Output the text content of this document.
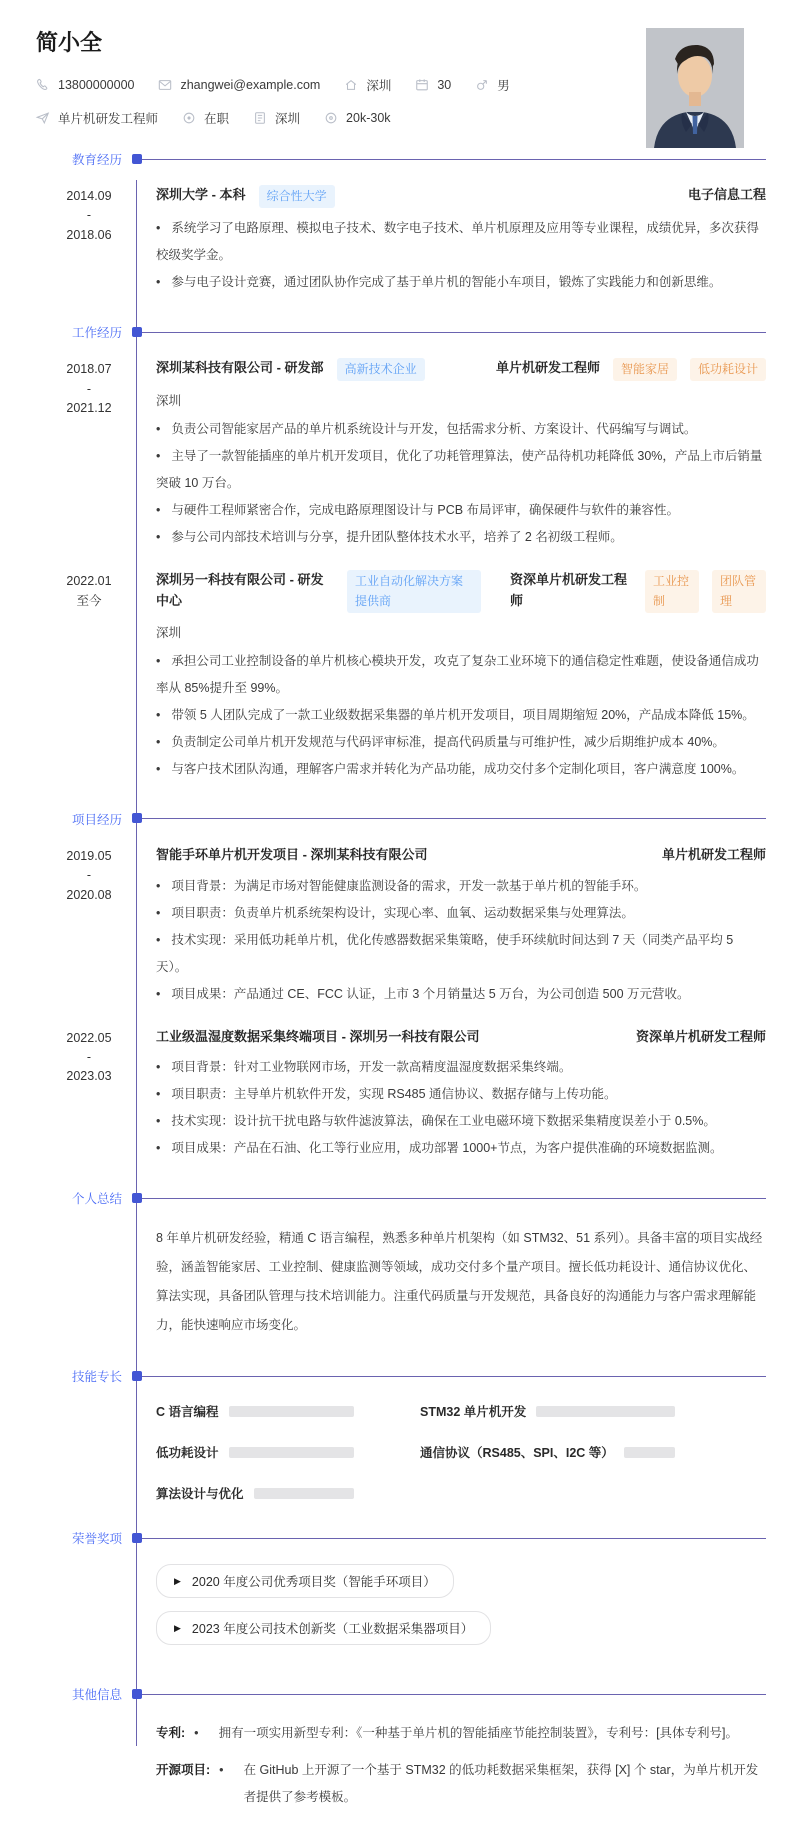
简小全
13800000000	zhangwei@example.com	深圳	30	男
单片机研发工程师	在职	深圳	20k-30k
教育经历
2014.09
-
2018.06
深圳大学 - 本科	综合性大学	电子信息工程

• 系统学习了电路原理、模拟电子技术、数字电子技术、单片机原理及应用等专业课程，成绩优异，多次获得校级奖学金。

• 参与电子设计竞赛，通过团队协作完成了基于单片机的智能小车项目，锻炼了实践能力和创新思维。

工作经历
2018.07
-
2021.12
深圳某科技有限公司 - 研发部	高新技术企业	单片机研发工程师	智能家居	低功耗设计
深圳

• 负责公司智能家居产品的单片机系统设计与开发，包括需求分析、方案设计、代码编写与调试。

• 主导了一款智能插座的单片机开发项目，优化了功耗管理算法，使产品待机功耗降低 30%，产品上市后销量突破 10 万台。

• 与硬件工程师紧密合作，完成电路原理图设计与 PCB 布局评审，确保硬件与软件的兼容性。

• 参与公司内部技术培训与分享，提升团队整体技术水平，培养了 2 名初级工程师。

2022.01
至今
深圳另一科技有限公司 - 研发中心
工业自动化解决方案提供商
资深单片机研发工程师
工业控制
团队管理
深圳

• 承担公司工业控制设备的单片机核心模块开发，攻克了复杂工业环境下的通信稳定性难题，使设备通信成功率从 85%提升至 99%。

• 带领 5 人团队完成了一款工业级数据采集器的单片机开发项目，项目周期缩短 20%，产品成本降低 15%。

• 负责制定公司单片机开发规范与代码评审标准，提高代码质量与可维护性，减少后期维护成本 40%。

• 与客户技术团队沟通，理解客户需求并转化为产品功能，成功交付多个定制化项目，客户满意度 100%。

项目经历
2019.05
-
2020.08
智能手环单片机开发项目 - 深圳某科技有限公司	单片机研发工程师

• 项目背景：为满足市场对智能健康监测设备的需求，开发一款基于单片机的智能手环。

• 项目职责：负责单片机系统架构设计，实现心率、血氧、运动数据采集与处理算法。

• 技术实现：采用低功耗单片机，优化传感器数据采集策略，使手环续航时间达到 7 天（同类产品平均 5 天）。

• 项目成果：产品通过 CE、FCC 认证，上市 3 个月销量达 5 万台，为公司创造 500 万元营收。

2022.05
-
2023.03
工业级温湿度数据采集终端项目 - 深圳另一科技有限公司	资深单片机研发工程师

• 项目背景：针对工业物联网市场，开发一款高精度温湿度数据采集终端。

• 项目职责：主导单片机软件开发，实现 RS485 通信协议、数据存储与上传功能。

• 技术实现：设计抗干扰电路与软件滤波算法，确保在工业电磁环境下数据采集精度误差小于 0.5%。

• 项目成果：产品在石油、化工等行业应用，成功部署 1000+节点，为客户提供准确的环境数据监测。

个人总结

8 年单片机研发经验，精通 C 语言编程，熟悉多种单片机架构（如 STM32、51 系列）。具备丰富的项目实战经验，涵盖智能家居、工业控制、健康监测等领域，成功交付多个量产项目。擅长低功耗设计、通信协议优化、算法实现，具备团队管理与技术培训能力。注重代码质量与开发规范，具备良好的沟通能力与客户需求理解能力，能快速响应市场变化。

技能专长
C 语言编程	STM32 单片机开发
低功耗设计	通信协议（RS485、SPI、I2C 等）
算法设计与优化
荣誉奖项
▶ 2020 年度公司优秀项目奖（智能手环项目）
▶ 2023 年度公司技术创新奖（工业数据采集器项目）
其他信息
专利: • 拥有一项实用新型专利：《一种基于单片机的智能插座节能控制装置》，专利号：[具体专利号]。
开源项目: • 在 GitHub 上开源了一个基于 STM32 的低功耗数据采集框架，获得 [X] 个 star，为单片机开发者提供了参考模板。
